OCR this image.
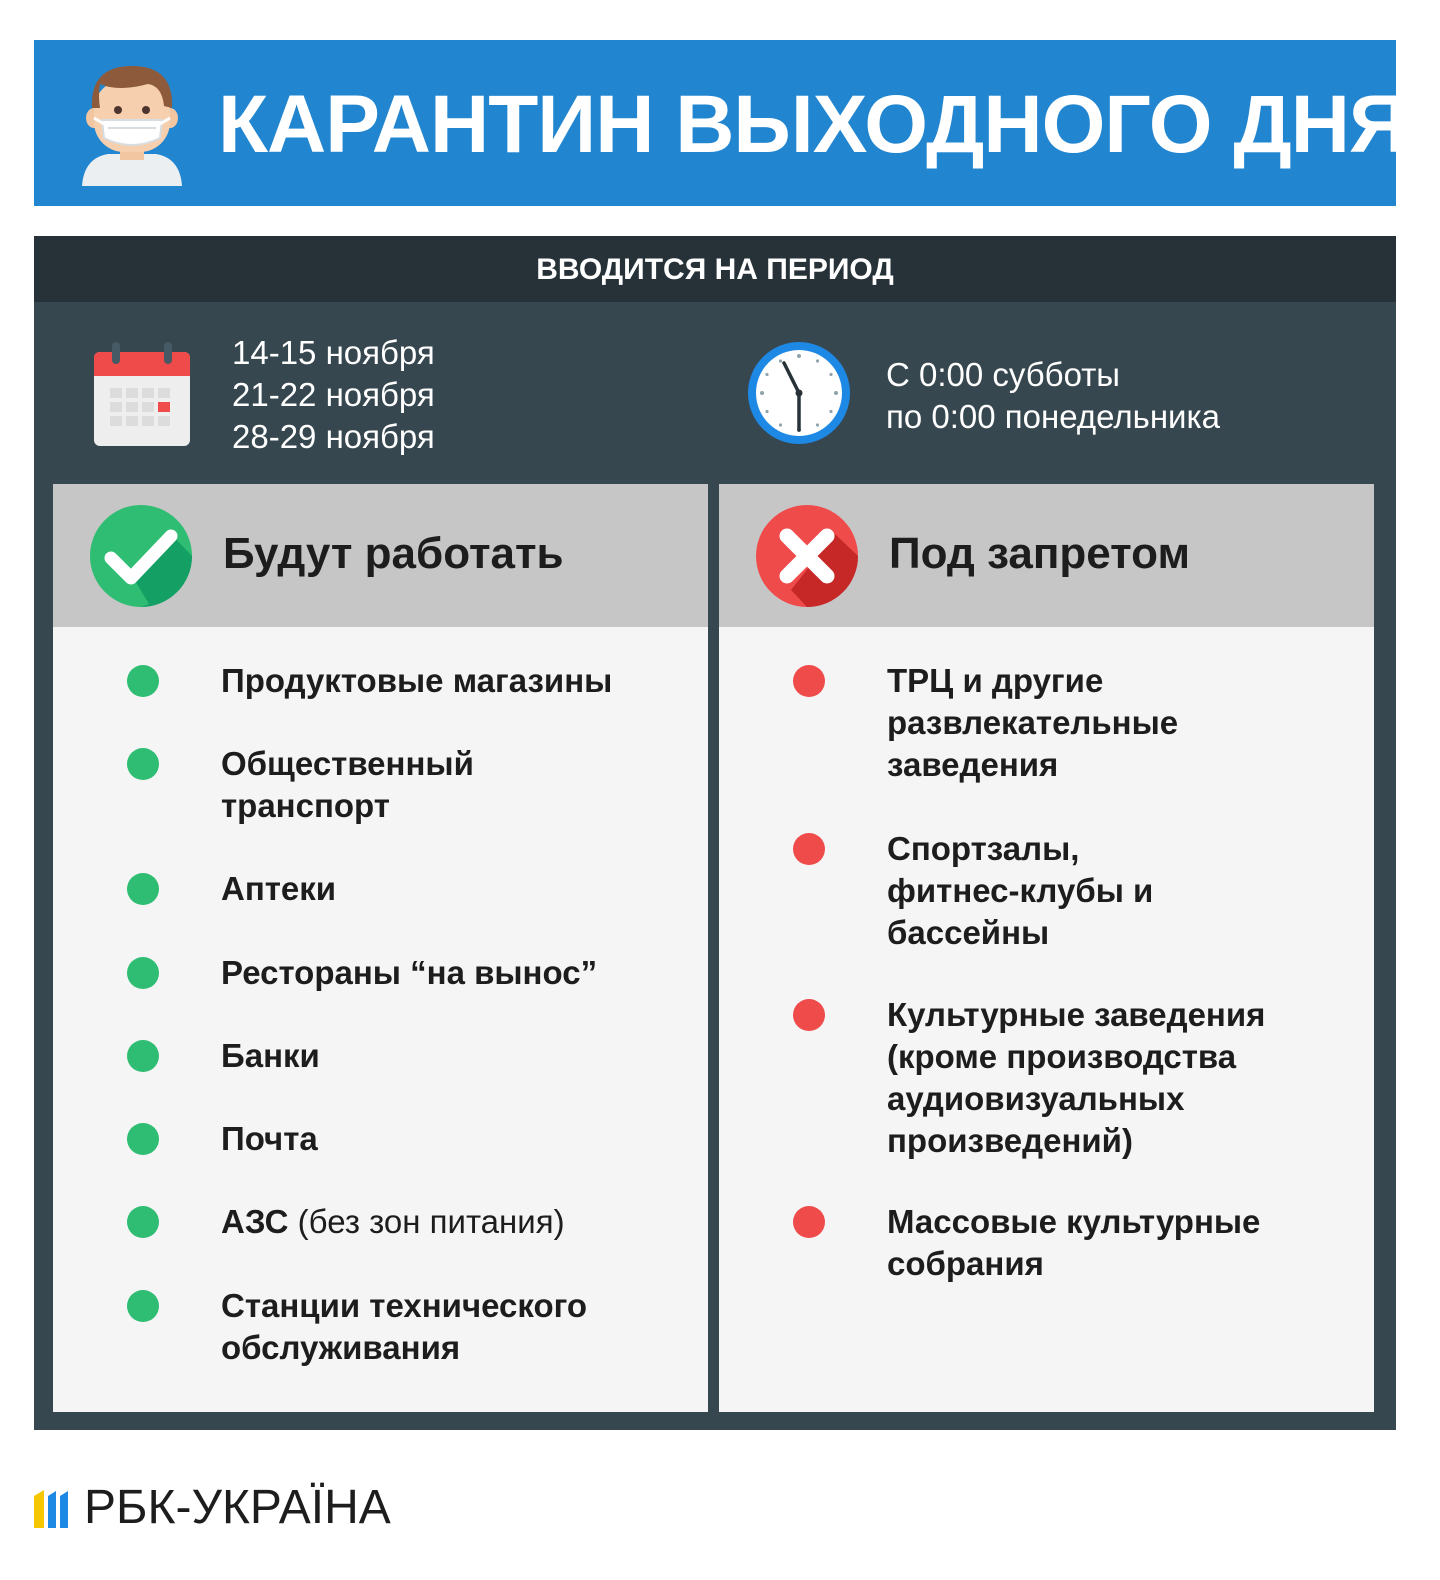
КАРАНТИН ВЫХОДНОГО ДНЯ
ВВОДИТСЯ НА ПЕРИОД
14-15 ноября
21-22 ноября
28-29 ноября
С 0:00 субботы
по 0:00 понедельника
Будут работать
Продуктовые магазины
Общественный транспорт
Аптеки
Рестораны “на вынос”
Банки
Почта
АЗС (без зон питания)
Станции технического обслуживания
Под запретом
ТРЦ и другие развлекательные заведения
Спортзалы, фитнес-клубы и бассейны
Культурные заведения (кроме производства аудиовизуальных произведений)
Массовые культурные собрания
РБК-УКРАЇНА
